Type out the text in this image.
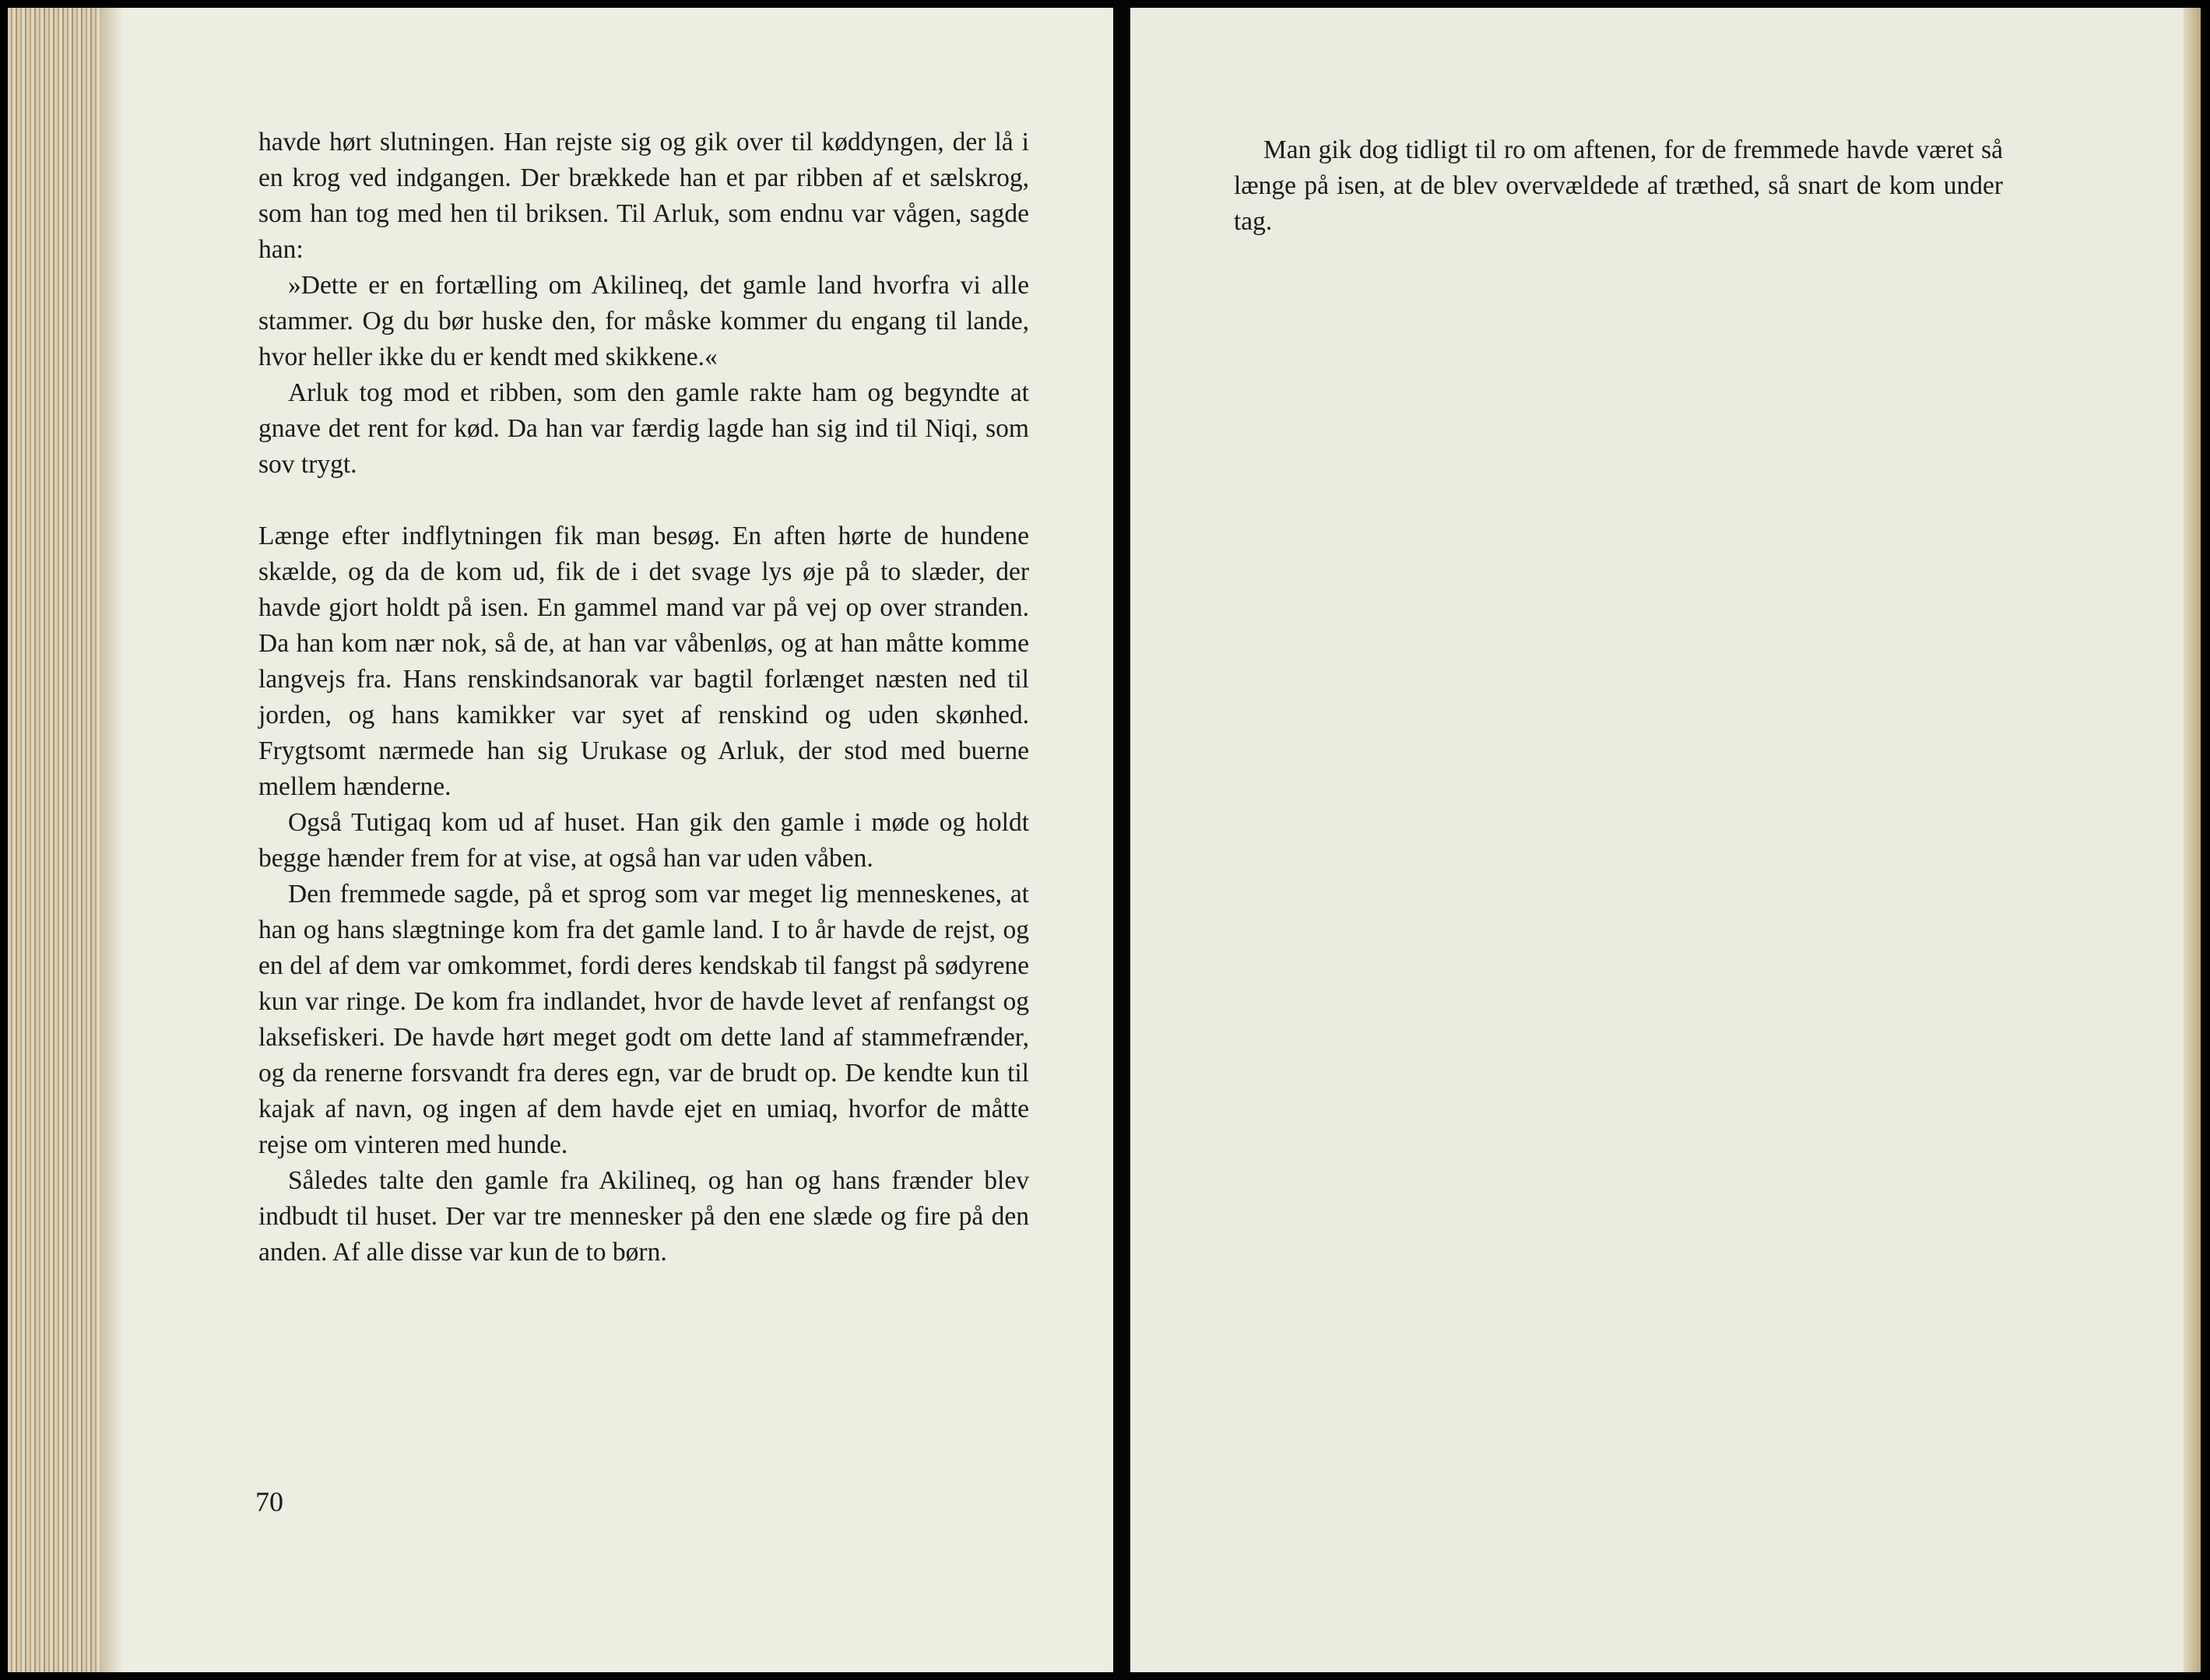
havde hørt slutningen. Han rejste sig og gik over til køddyngen, der lå i en krog ved indgangen. Der brækkede han et par ribben af et sælskrog, som han tog med hen til briksen. Til Arluk, som endnu var vågen, sagde han:

»Dette er en fortælling om Akilineq, det gamle land hvorfra vi alle stammer. Og du bør huske den, for måske kommer du engang til lande, hvor heller ikke du er kendt med skikkene.«

Arluk tog mod et ribben, som den gamle rakte ham og begyndte at gnave det rent for kød. Da han var færdig lagde han sig ind til Niqi, som sov trygt.

Længe efter indflytningen fik man besøg. En aften hørte de hundene skælde, og da de kom ud, fik de i det svage lys øje på to slæder, der havde gjort holdt på isen. En gammel mand var på vej op over stranden. Da han kom nær nok, så de, at han var våbenløs, og at han måtte komme langvejs fra. Hans renskindsanorak var bagtil forlænget næsten ned til jorden, og hans kamikker var syet af renskind og uden skønhed. Frygtsomt nærmede han sig Urukase og Arluk, der stod med buerne mellem hænderne.

Også Tutigaq kom ud af huset. Han gik den gamle i møde og holdt begge hænder frem for at vise, at også han var uden våben.

Den fremmede sagde, på et sprog som var meget lig menneskenes, at han og hans slægtninge kom fra det gamle land. I to år havde de rejst, og en del af dem var omkommet, fordi deres kendskab til fangst på sødyrene kun var ringe. De kom fra indlandet, hvor de havde levet af renfangst og laksefiskeri. De havde hørt meget godt om dette land af stammefrænder, og da renerne forsvandt fra deres egn, var de brudt op. De kendte kun til kajak af navn, og ingen af dem havde ejet en umiaq, hvorfor de måtte rejse om vinteren med hunde.

Således talte den gamle fra Akilineq, og han og hans frænder blev indbudt til huset. Der var tre mennesker på den ene slæde og fire på den anden. Af alle disse var kun de to børn.

70

Man gik dog tidligt til ro om aftenen, for de fremmede havde været så længe på isen, at de blev overvældede af træthed, så snart de kom under tag.
